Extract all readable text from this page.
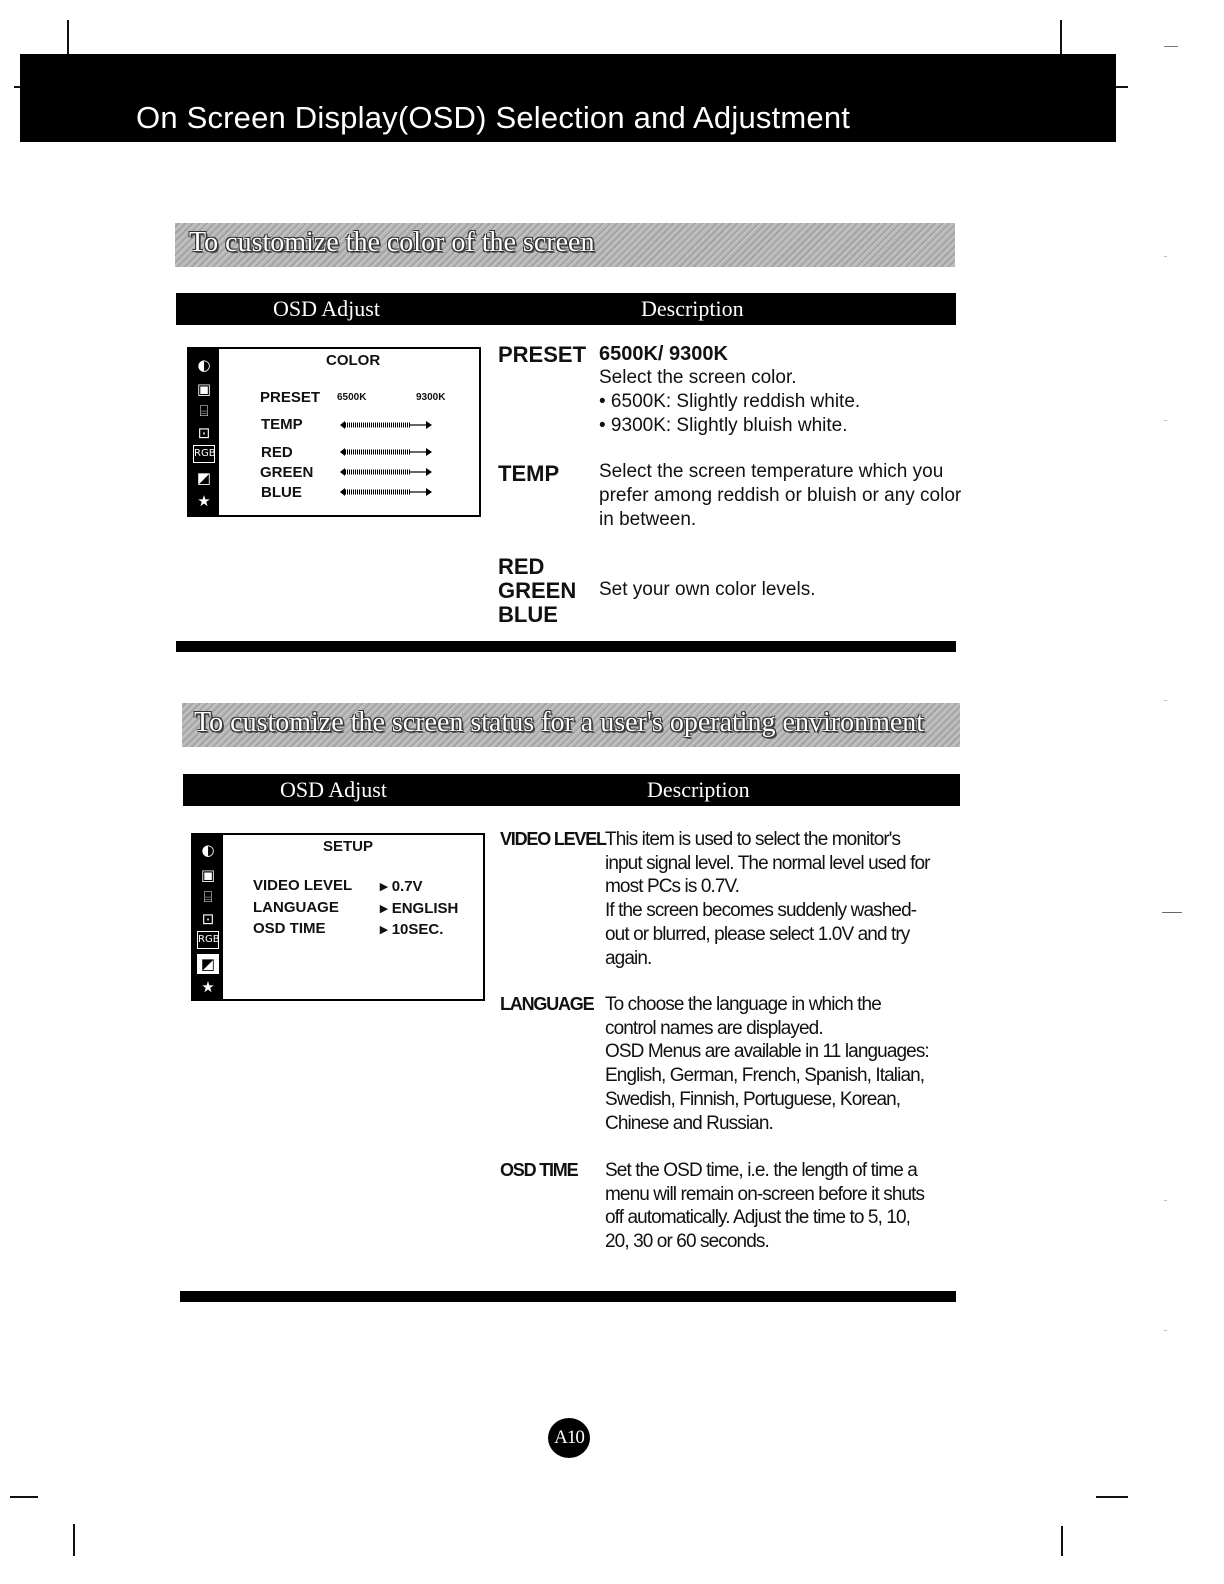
On Screen Display(OSD) Selection and Adjustment
To customize the color of the screen
OSD Adjust	Description
◐
▣
⌸
⊡
RGB
◩
★
COLOR
PRESET 6500K	9300K
TEMP
RED
GREEN
BLUE
PRESET 6500K/ 9300K
Select the screen color.
• 6500K: Slightly reddish white.
• 9300K: Slightly bluish white.
TEMP Select the screen temperature which you
prefer among reddish or bluish or any color
in between.
RED
GREEN
BLUE
Set your own color levels.
To customize the screen status for a user's operating environment
OSD Adjust	Description
◐
▣
⌸
⊡
RGB
◩
★
SETUP
VIDEO LEVEL ▸ 0.7V
LANGUAGE	▸ ENGLISH
OSD TIME	▸ 10SEC.
VIDEO LEVEL This item is used to select the monitor's
input signal level. The normal level used for
most PCs is 0.7V.
If the screen becomes suddenly washed-
out or blurred, please select 1.0V and try
again.
LANGUAGE To choose the language in which the
control names are displayed.
OSD Menus are available in 11 languages:
English, German, French, Spanish, Italian,
Swedish, Finnish, Portuguese, Korean,
Chinese and Russian.
OSD TIME Set the OSD time, i.e. the length of time a
menu will remain on-screen before it shuts
off automatically. Adjust the time to 5, 10,
20, 30 or 60 seconds.
A10
